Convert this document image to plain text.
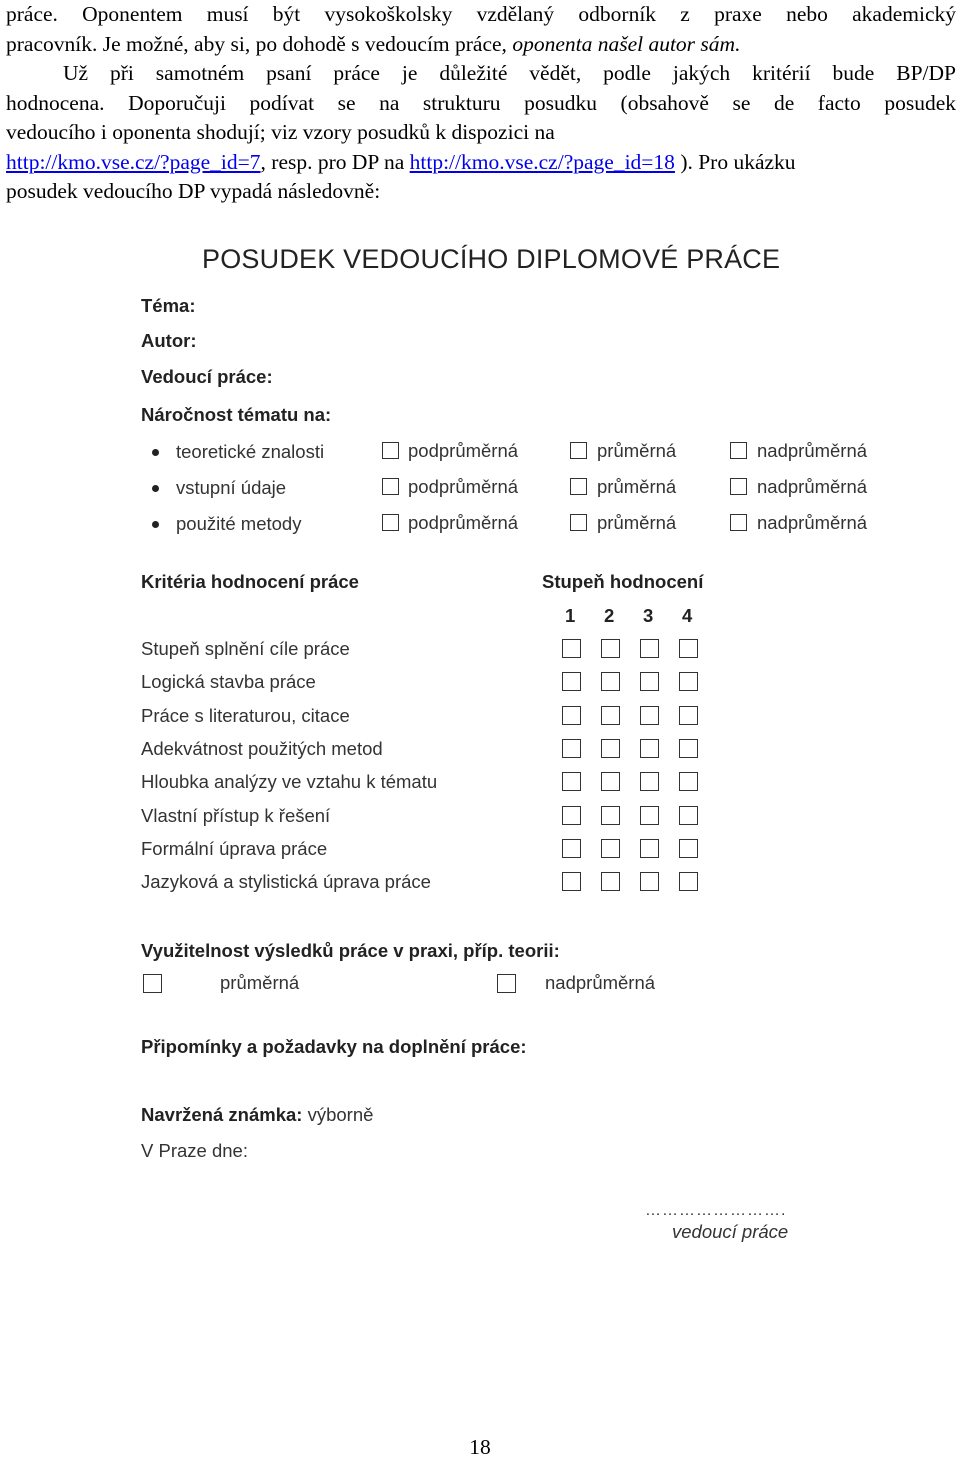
práce. Oponentem musí být vysokoškolsky vzdělaný odborník z praxe nebo akademický
pracovník. Je možné, aby si, po dohodě s vedoucím práce, oponenta našel autor sám.
Už při samotném psaní práce je důležité vědět, podle jakých kritérií bude BP/DP
hodnocena. Doporučuji podívat se na strukturu posudku (obsahově se de facto posudek
vedoucího i oponenta shodují; viz vzory posudků k dispozici na
http://kmo.vse.cz/?page_id=7, resp. pro DP na http://kmo.vse.cz/?page_id=18 ). Pro ukázku
posudek vedoucího DP vypadá následovně:
POSUDEK VEDOUCÍHO DIPLOMOVÉ PRÁCE
Téma:
Autor:
Vedoucí práce:
Náročnost tématu na:
teoretické znalosti	podprůměrná	průměrná	nadprůměrná
vstupní údaje	podprůměrná	průměrná	nadprůměrná
použité metody	podprůměrná	průměrná	nadprůměrná
Kritéria hodnocení práce	Stupeň hodnocení
1 2 3 4
Stupeň splnění cíle práce
Logická stavba práce
Práce s literaturou, citace
Adekvátnost použitých metod
Hloubka analýzy ve vztahu k tématu
Vlastní přístup k řešení
Formální úprava práce
Jazyková a stylistická úprava práce
Využitelnost výsledků práce v praxi, příp. teorii:
průměrná	nadprůměrná
Připomínky a požadavky na doplnění práce:
Navržená známka: výborně
V Praze dne:
…………………….
vedoucí práce
18
